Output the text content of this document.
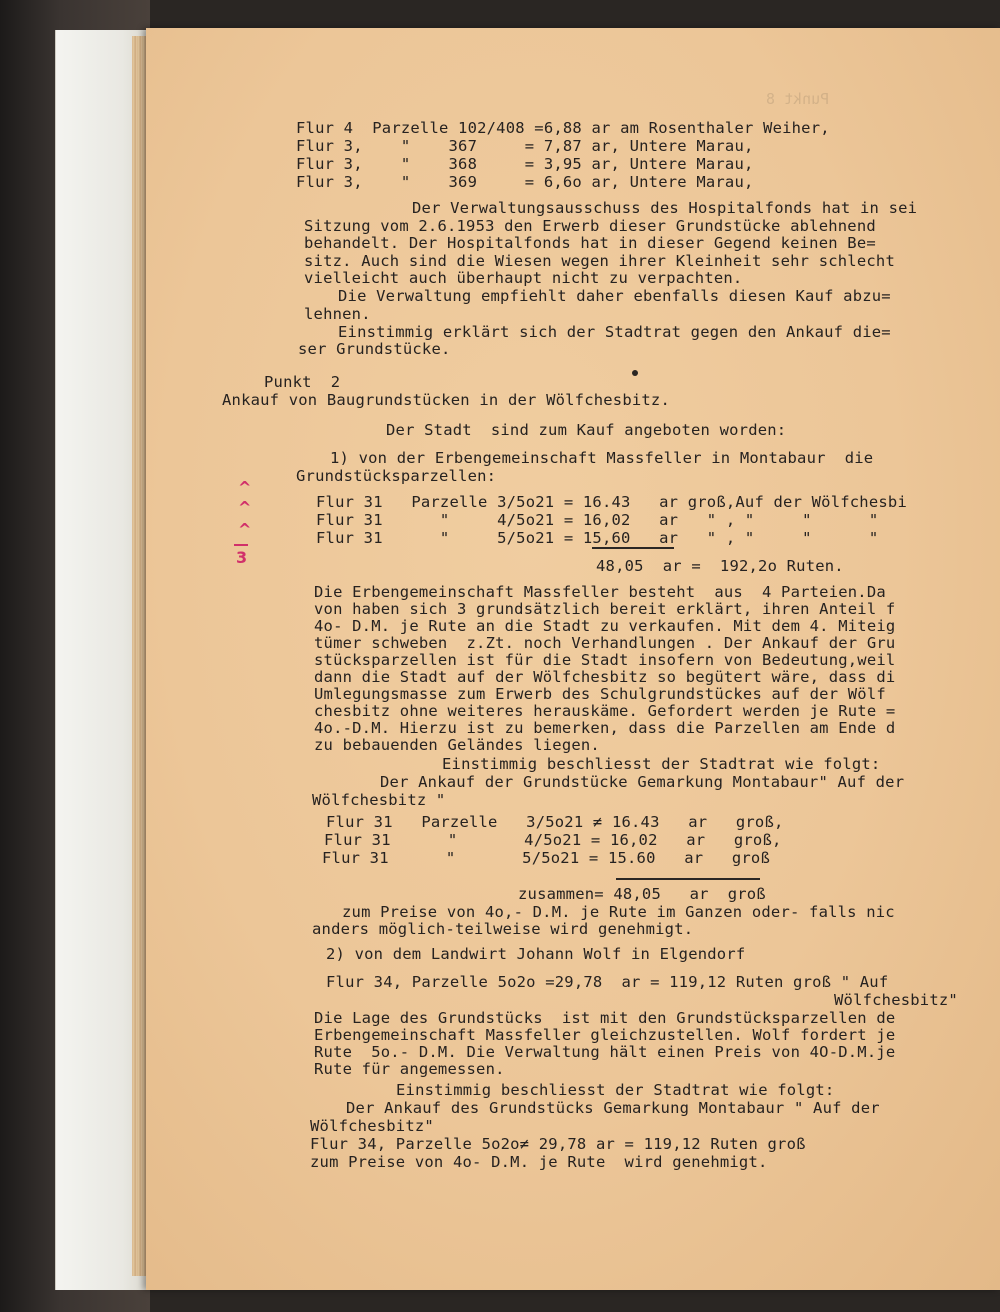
Punkt 8
Flur 4  Parzelle 102/408 =6,88 ar am Rosenthaler Weiher,
Flur 3,    "    367     = 7,87 ar, Untere Marau,
Flur 3,    "    368     = 3,95 ar, Untere Marau,
Flur 3,    "    369     = 6,6o ar, Untere Marau,
Der Verwaltungsausschuss des Hospitalfonds hat in sei
Sitzung vom 2.6.1953 den Erwerb dieser Grundstücke ablehnend
behandelt. Der Hospitalfonds hat in dieser Gegend keinen Be=
sitz. Auch sind die Wiesen wegen ihrer Kleinheit sehr schlecht
vielleicht auch überhaupt nicht zu verpachten.
Die Verwaltung empfiehlt daher ebenfalls diesen Kauf abzu=
lehnen.
Einstimmig erklärt sich der Stadtrat gegen den Ankauf die=
ser Grundstücke.
Punkt  2
Ankauf von Baugrundstücken in der Wölfchesbitz.
Der Stadt  sind zum Kauf angeboten worden:
1) von der Erbengemeinschaft Massfeller in Montabaur  die
Grundstücksparzellen:
^
^
^
3
Flur 31   Parzelle 3/5o21 = 16.43   ar groß,Auf der Wölfchesbi
Flur 31      "     4/5o21 = 16,02   ar   " , "     "      "
Flur 31      "     5/5o21 = 15,60   ar   " , "     "      "
48,05  ar =  192,2o Ruten.
Die Erbengemeinschaft Massfeller besteht  aus  4 Parteien.Da
von haben sich 3 grundsätzlich bereit erklärt, ihren Anteil f
4o- D.M. je Rute an die Stadt zu verkaufen. Mit dem 4. Miteig
tümer schweben  z.Zt. noch Verhandlungen . Der Ankauf der Gru
stücksparzellen ist für die Stadt insofern von Bedeutung,weil
dann die Stadt auf der Wölfchesbitz so begütert wäre, dass di
Umlegungsmasse zum Erwerb des Schulgrundstückes auf der Wölf
chesbitz ohne weiteres herauskäme. Gefordert werden je Rute =
4o.-D.M. Hierzu ist zu bemerken, dass die Parzellen am Ende d
zu bebauenden Geländes liegen.
Einstimmig beschliesst der Stadtrat wie folgt:
Der Ankauf der Grundstücke Gemarkung Montabaur" Auf der
Wölfchesbitz "
Flur 31   Parzelle   3/5o21 ≠ 16.43   ar   groß,
Flur 31      "       4/5o21 = 16,02   ar   groß,
Flur 31      "       5/5o21 = 15.60   ar   groß
zusammen= 48,05   ar  groß
zum Preise von 4o,- D.M. je Rute im Ganzen oder- falls nic
anders möglich-teilweise wird genehmigt.
2) von dem Landwirt Johann Wolf in Elgendorf
Flur 34, Parzelle 5o2o =29,78  ar = 119,12 Ruten groß " Auf
Wölfchesbitz"
Die Lage des Grundstücks  ist mit den Grundstücksparzellen de
Erbengemeinschaft Massfeller gleichzustellen. Wolf fordert je
Rute  5o.- D.M. Die Verwaltung hält einen Preis von 4O-D.M.je
Rute für angemessen.
Einstimmig beschliesst der Stadtrat wie folgt:
Der Ankauf des Grundstücks Gemarkung Montabaur " Auf der
Wölfchesbitz"
Flur 34, Parzelle 5o2o≠ 29,78 ar = 119,12 Ruten groß
zum Preise von 4o- D.M. je Rute  wird genehmigt.
